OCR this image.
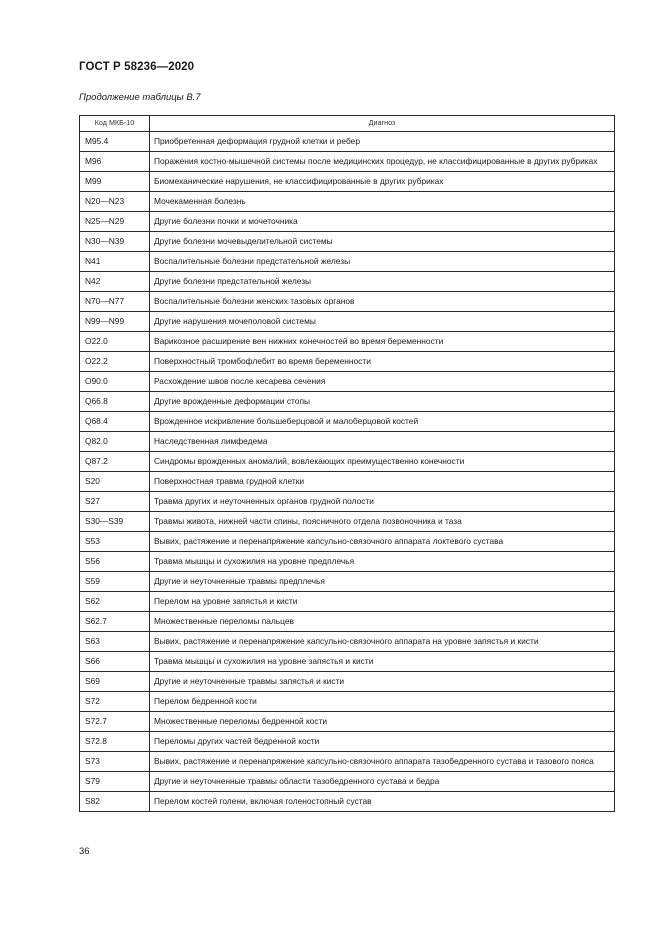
ГОСТ Р 58236—2020
Продолжение таблицы В.7
Код МКБ-10	Диагноз
M95.4	Приобретенная деформация грудной клетки и ребер
M96	Поражения костно-мышечной системы после медицинских процедур, не классифицированные в других рубриках
M99	Биомеханические нарушения, не классифицированные в других рубриках
N20—N23	Мочекаменная болезнь
N25—N29	Другие болезни почки и мочеточника
N30—N39	Другие болезни мочевыделительной системы
N41	Воспалительные болезни предстательной железы
N42	Другие болезни предстательной железы
N70—N77	Воспалительные болезни женских тазовых органов
N99—N99	Другие нарушения мочеполовой системы
O22.0	Варикозное расширение вен нижних конечностей во время беременности
O22.2	Поверхностный тромбофлебит во время беременности
O90.0	Расхождение швов после кесарева сечения
Q66.8	Другие врожденные деформации стопы
Q68.4	Врожденное искривление большеберцовой и малоберцовой костей
Q82.0	Наследственная лимфедема
Q87.2	Синдромы врожденных аномалий, вовлекающих преимущественно конечности
S20	Поверхностная травма грудной клетки
S27	Травма других и неуточненных органов грудной полости
S30—S39	Травмы живота, нижней части спины, поясничного отдела позвоночника и таза
S53	Вывих, растяжение и перенапряжение капсульно-связочного аппарата локтевого сустава
S56	Травма мышцы и сухожилия на уровне предплечья
S59	Другие и неуточненные травмы предплечья
S62	Перелом на уровне запястья и кисти
S62.7	Множественные переломы пальцев
S63	Вывих, растяжение и перенапряжение капсульно-связочного аппарата на уровне запястья и кисти
S66	Травма мышцы и сухожилия на уровне запястья и кисти
S69	Другие и неуточненные травмы запястья и кисти
S72	Перелом бедренной кости
S72.7	Множественные переломы бедренной кости
S72.8	Переломы других частей бедренной кости
S73	Вывих, растяжение и перенапряжение капсульно-связочного аппарата тазобедренного сустава и тазового пояса
S79	Другие и неуточненные травмы области тазобедренного сустава и бедра
S82	Перелом костей голени, включая голеностопный сустав
36
